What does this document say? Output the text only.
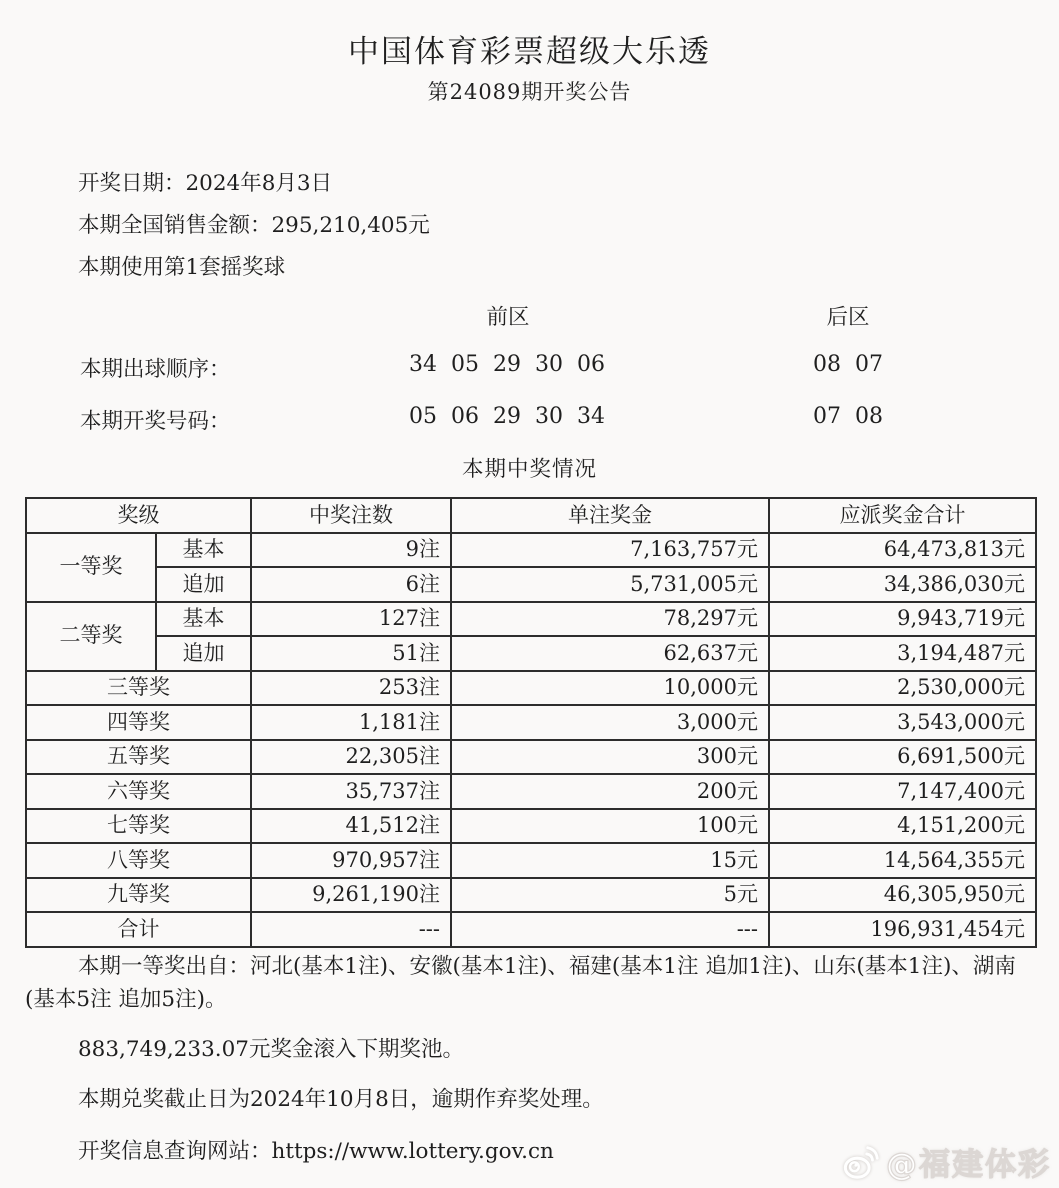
中国体育彩票超级大乐透
第24089期开奖公告
开奖日期：2024年8月3日
本期全国销售金额：295,210,405元
本期使用第1套摇奖球
前区	后区
本期出球顺序：	34 05 29 30 06	08 07
本期开奖号码：	05 06 29 30 34	07 08
本期中奖情况
奖级		中奖注数	单注奖金	应派奖金合计
一等奖	基本	9注	7,163,757元	64,473,813元
	追加	6注	5,731,005元	34,386,030元
二等奖	基本	127注	78,297元	9,943,719元
	追加	51注	62,637元	3,194,487元
三等奖		253注	10,000元	2,530,000元
四等奖		1,181注	3,000元	3,543,000元
五等奖		22,305注	300元	6,691,500元
六等奖		35,737注	200元	7,147,400元
七等奖		41,512注	100元	4,151,200元
八等奖		970,957注	15元	14,564,355元
九等奖		9,261,190注	5元	46,305,950元
合计		---	---	196,931,454元
本期一等奖出自：河北(基本1注)、安徽(基本1注)、福建(基本1注 追加1注)、山东(基本1注)、湖南(基本5注 追加5注)。
883,749,233.07元奖金滚入下期奖池。
本期兑奖截止日为2024年10月8日，逾期作弃奖处理。
开奖信息查询网站：https://www.lottery.gov.cn	@福建体彩
